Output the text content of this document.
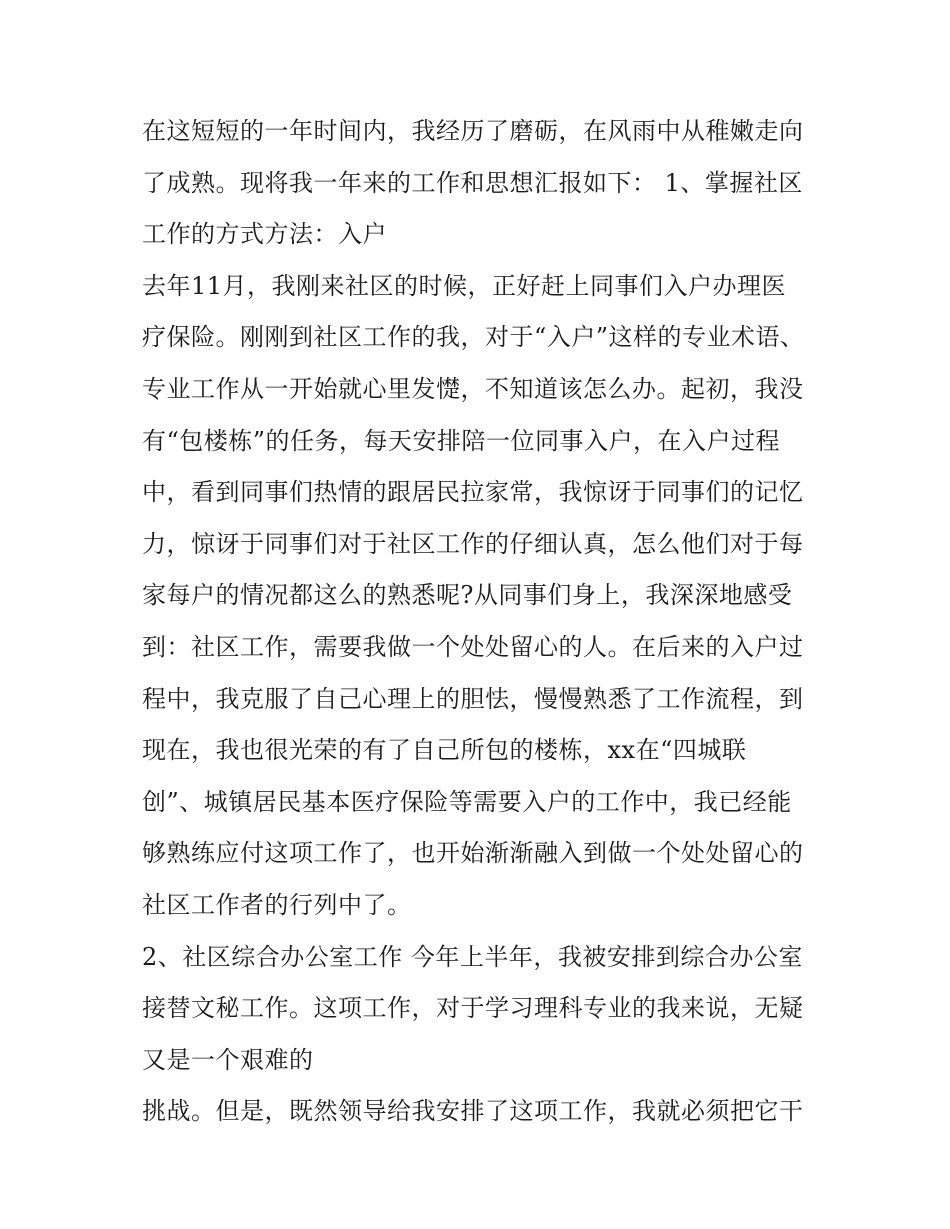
在这短短的一年时间内，我经历了磨砺，在风雨中从稚嫩走向
了成熟。现将我一年来的工作和思想汇报如下： 1、掌握社区
工作的方式方法：入户
去年11月，我刚来社区的时候，正好赶上同事们入户办理医
疗保险。刚刚到社区工作的我，对于“入户”这样的专业术语、
专业工作从一开始就心里发憷，不知道该怎么办。起初，我没
有“包楼栋”的任务，每天安排陪一位同事入户，在入户过程
中，看到同事们热情的跟居民拉家常，我惊讶于同事们的记忆
力，惊讶于同事们对于社区工作的仔细认真，怎么他们对于每
家每户的情况都这么的熟悉呢?从同事们身上，我深深地感受
到：社区工作，需要我做一个处处留心的人。在后来的入户过
程中，我克服了自己心理上的胆怯，慢慢熟悉了工作流程，到
现在，我也很光荣的有了自己所包的楼栋，xx在“四城联
创”、城镇居民基本医疗保险等需要入户的工作中，我已经能
够熟练应付这项工作了，也开始渐渐融入到做一个处处留心的
社区工作者的行列中了。
2、社区综合办公室工作 今年上半年，我被安排到综合办公室
接替文秘工作。这项工作，对于学习理科专业的我来说，无疑
又是一个艰难的
挑战。但是，既然领导给我安排了这项工作，我就必须把它干
